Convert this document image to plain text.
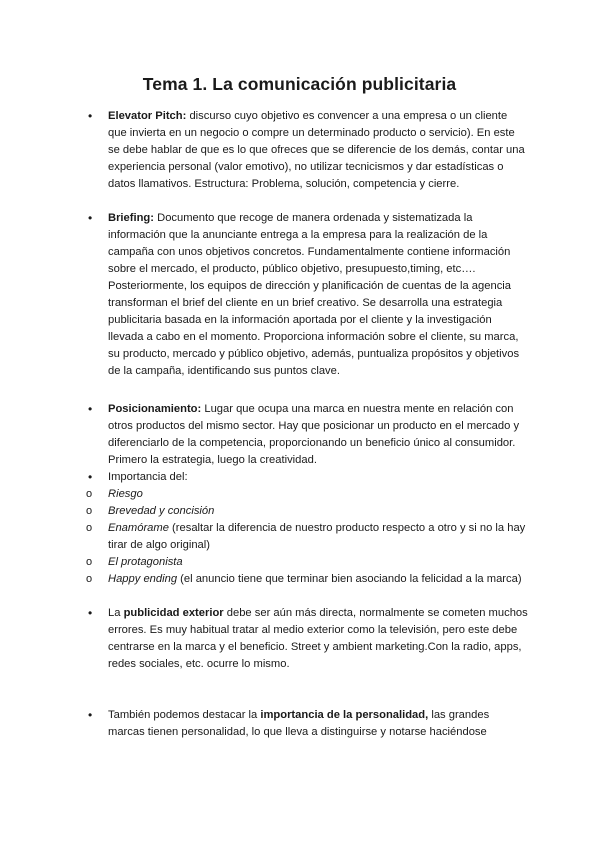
Tema 1. La comunicación publicitaria
• Elevator Pitch: discurso cuyo objetivo es convencer a una empresa o un cliente que invierta en un negocio o compre un determinado producto o servicio). En este se debe hablar de que es lo que ofreces que se diferencie de los demás, contar una experiencia personal (valor emotivo), no utilizar tecnicismos y dar estadísticas o datos llamativos. Estructura: Problema, solución, competencia y cierre.
• Briefing: Documento que recoge de manera ordenada y sistematizada la información que la anunciante entrega a la empresa para la realización de la campaña con unos objetivos concretos. Fundamentalmente contiene información sobre el mercado, el producto, público objetivo, presupuesto,timing, etc…. Posteriormente, los equipos de dirección y planificación de cuentas de la agencia transforman el brief del cliente en un brief creativo. Se desarrolla una estrategia publicitaria basada en la información aportada por el cliente y la investigación llevada a cabo en el momento. Proporciona información sobre el cliente, su marca, su producto, mercado y público objetivo, además, puntualiza propósitos y objetivos de la campaña, identificando sus puntos clave.
• Posicionamiento: Lugar que ocupa una marca en nuestra mente en relación con otros productos del mismo sector. Hay que posicionar un producto en el mercado y diferenciarlo de la competencia, proporcionando un beneficio único al consumidor. Primero la estrategia, luego la creatividad.
• Importancia del:
o Riesgo
o Brevedad y concisión
o Enamórame (resaltar la diferencia de nuestro producto respecto a otro y si no la hay tirar de algo original)
o El protagonista
o Happy ending (el anuncio tiene que terminar bien asociando la felicidad a la marca)
• La publicidad exterior debe ser aún más directa, normalmente se cometen muchos errores. Es muy habitual tratar al medio exterior como la televisión, pero este debe centrarse en la marca y el beneficio. Street y ambient marketing.Con la radio, apps, redes sociales, etc. ocurre lo mismo.
• También podemos destacar la importancia de la personalidad, las grandes marcas tienen personalidad, lo que lleva a distinguirse y notarse haciéndose
